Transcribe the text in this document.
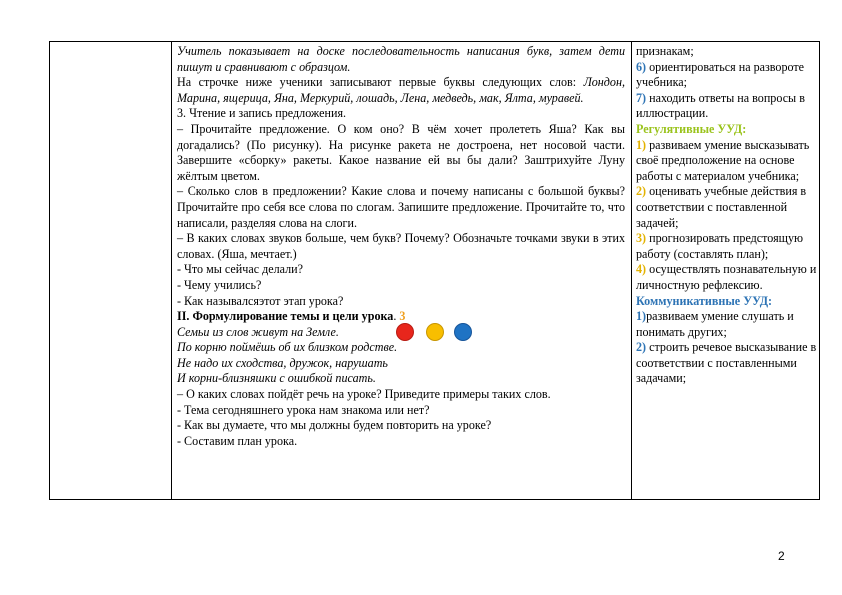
Учитель показывает на доске последовательность написания букв, затем дети пишут и сравнивают с образцом.

На строчке ниже ученики записывают первые буквы следующих слов: Лондон, Марина, ящерица, Яна, Меркурий, лошадь, Лена, медведь, мак, Ялта, муравей.

3. Чтение и запись предложения.

– Прочитайте предложение. О ком оно? В чём хочет пролететь Яша? Как вы догадались? (По рисунку). На рисунке ракета не достроена, нет носовой части. Завершите «сборку» ракеты. Какое название ей вы бы дали? Заштрихуйте Луну жёлтым цветом.

– Сколько слов в предложении? Какие слова и почему написаны с большой буквы? Прочитайте про себя все слова по слогам. Запишите предложение. Прочитайте то, что написали, разделяя слова на слоги.

– В каких словах звуков больше, чем букв? Почему? Обозначьте точками звуки в этих словах. (Яша, мечтает.)

- Что мы сейчас делали?

- Чему учились?

- Как называлсяэтот этап урока?

II. Формулирование темы и цели урока. 3

Семьи из слов живут на Земле.

По корню поймёшь об их близком родстве.

Не надо их сходства, дружок, нарушать

И корни-близняшки с ошибкой писать.

– О каких словах пойдёт речь на уроке? Приведите примеры таких слов.

- Тема сегодняшнего урока нам знакома или нет?

- Как вы думаете, что мы должны будем повторить на уроке?

- Составим план урока.

признакам;

6) ориентироваться на развороте учебника;

7) находить ответы на вопросы в иллюстрации.

Регулятивные УУД:

1) развиваем умение высказывать своё предположение на основе работы с материалом учебника;

2) оценивать учебные действия в соответствии с поставленной задачей;

3) прогнозировать предстоящую работу (составлять план);

4) осуществлять познавательную и личностную рефлексию.

Коммуникативные УУД:

1)развиваем умение слушать и понимать других;

2) строить речевое высказывание в соответствии с поставленными задачами;

2
